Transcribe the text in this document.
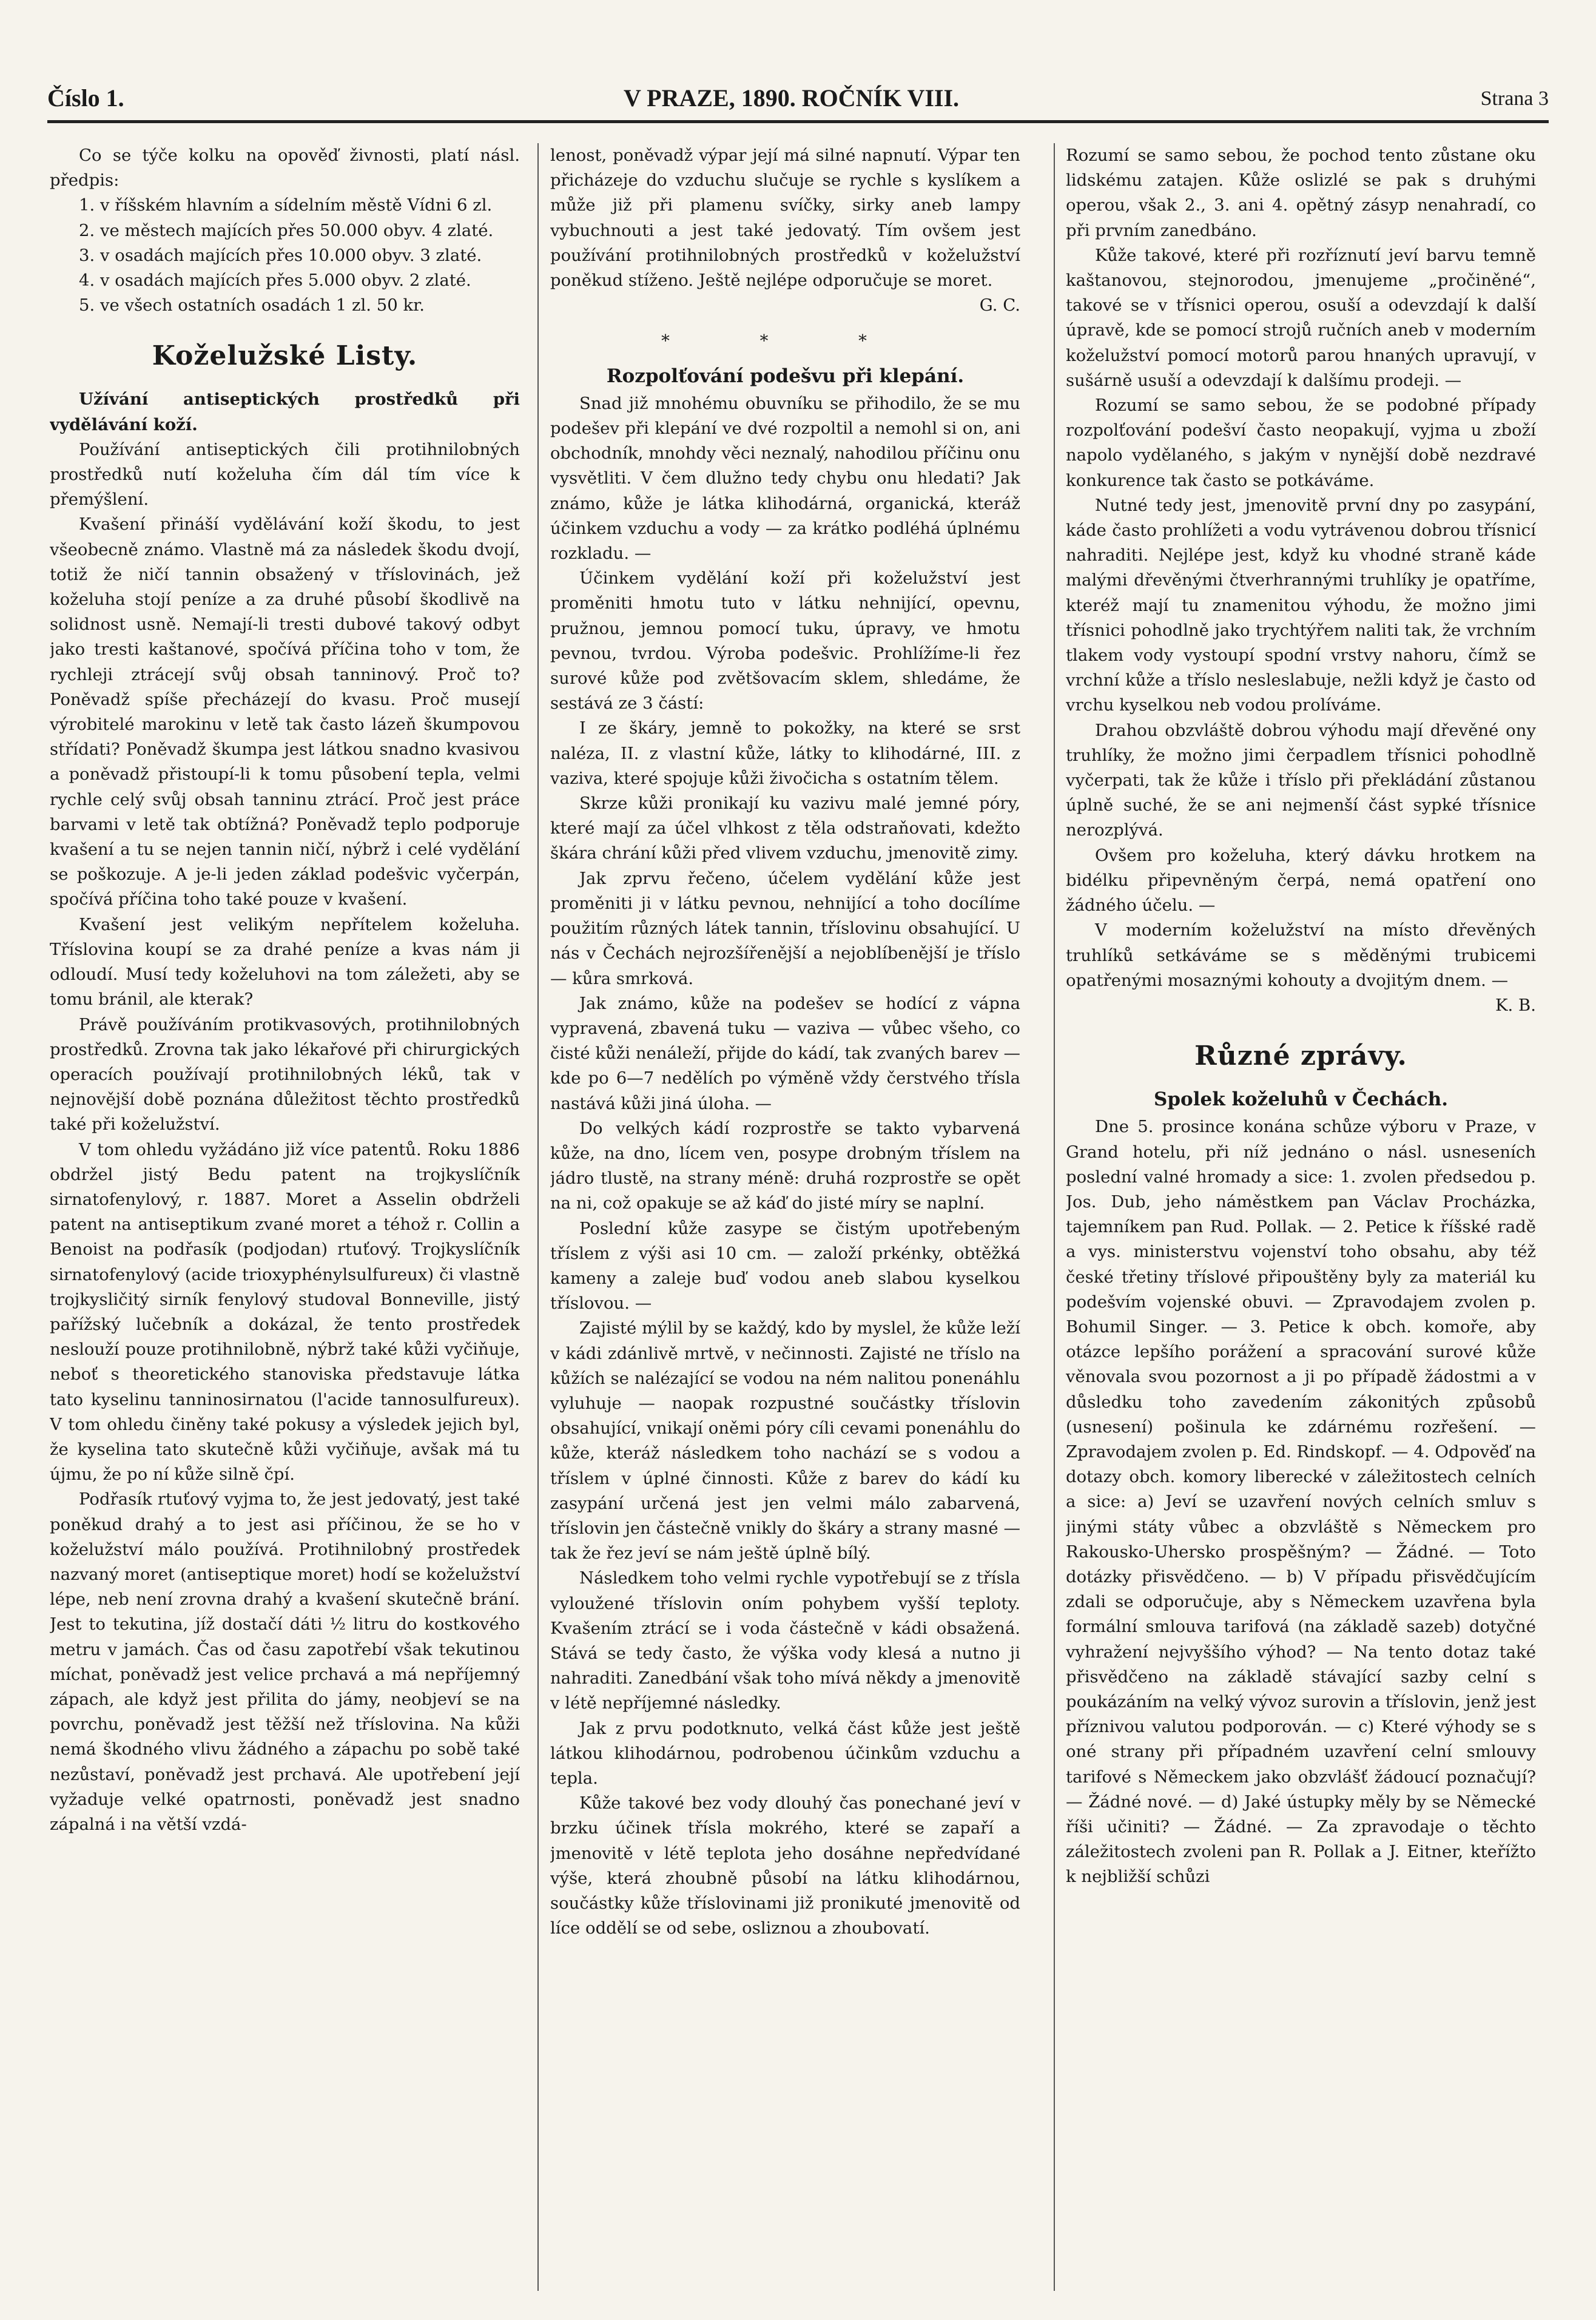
Číslo 1.	V PRAZE, 1890. ROČNÍK VIII.	Strana 3

Co se týče kolku na opověď živnosti, platí násl. předpis:

1. v říšském hlavním a sídelním městě Vídni 6 zl.

2. ve městech majících přes 50.000 obyv. 4 zlaté.

3. v osadách majících přes 10.000 obyv. 3 zlaté.

4. v osadách majících přes 5.000 obyv. 2 zlaté.

5. ve všech ostatních osadách 1 zl. 50 kr.

Koželužské Listy.

Užívání antiseptických prostředků při vydělávání koží.

Používání antiseptických čili protihnilobných prostředků nutí koželuha čím dál tím více k přemýšlení.

Kvašení přináší vydělávání koží škodu, to jest všeobecně známo. Vlastně má za následek škodu dvojí, totiž že ničí tannin obsažený v tříslovinách, jež koželuha stojí peníze a za druhé působí škodlivě na solidnost usně. Nemají-li tresti dubové takový odbyt jako tresti kaštanové, spočívá příčina toho v tom, že rychleji ztrácejí svůj obsah tanninový. Proč to? Poněvadž spíše přecházejí do kvasu. Proč musejí výrobitelé marokinu v letě tak často lázeň škumpovou střídati? Poněvadž škumpa jest látkou snadno kvasivou a poněvadž přistoupí-li k tomu působení tepla, velmi rychle celý svůj obsah tanninu ztrácí. Proč jest práce barvami v letě tak obtížná? Poněvadž teplo podporuje kvašení a tu se nejen tannin ničí, nýbrž i celé vydělání se poškozuje. A je-li jeden základ podešvic vyčerpán, spočívá příčina toho také pouze v kvašení.

Kvašení jest velikým nepřítelem koželuha. Tříslovina koupí se za drahé peníze a kvas nám ji odloudí. Musí tedy koželuhovi na tom záležeti, aby se tomu bránil, ale kterak?

Právě používáním protikvasových, protihnilobných prostředků. Zrovna tak jako lékařové při chirurgických operacích používají protihnilobných léků, tak v nejnovější době poznána důležitost těchto prostředků také při koželužství.

V tom ohledu vyžádáno již více patentů. Roku 1886 obdržel jistý Bedu patent na trojkyslíčník sirnatofenylový, r. 1887. Moret a Asselin obdrželi patent na antiseptikum zvané moret a téhož r. Collin a Benoist na podřasík (podjodan) rtuťový. Trojkyslíčník sirnatofenylový (acide trioxyphénylsulfureux) či vlastně trojkysličitý sirník fenylový studoval Bonneville, jistý pařížský lučebník a dokázal, že tento prostředek neslouží pouze protihnilobně, nýbrž také kůži vyčiňuje, neboť s theoretického stanoviska představuje látka tato kyselinu tanninosirnatou (l'acide tannosulfureux). V tom ohledu činěny také pokusy a výsledek jejich byl, že kyselina tato skutečně kůži vyčiňuje, avšak má tu újmu, že po ní kůže silně čpí.

Podřasík rtuťový vyjma to, že jest jedovatý, jest také poněkud drahý a to jest asi příčinou, že se ho v koželužství málo používá. Protihnilobný prostředek nazvaný moret (antiseptique moret) hodí se koželužství lépe, neb není zrovna drahý a kvašení skutečně brání. Jest to tekutina, jíž dostačí dáti ½ litru do kostkového metru v jamách. Čas od času zapotřebí však tekutinou míchat, poněvadž jest velice prchavá a má nepříjemný zápach, ale když jest přilita do jámy, neobjeví se na povrchu, poněvadž jest těžší než tříslovina. Na kůži nemá škodného vlivu žádného a zápachu po sobě také nezůstaví, poněvadž jest prchavá. Ale upotřebení její vyžaduje velké opatrnosti, poněvadž jest snadno zápalná i na větší vzdá-

lenost, poněvadž výpar její má silné napnutí. Výpar ten přicházeje do vzduchu slučuje se rychle s kyslíkem a může již při plamenu svíčky, sirky aneb lampy vybuchnouti a jest také jedovatý. Tím ovšem jest používání protihnilobných prostředků v koželužství poněkud stíženo. Ještě nejlépe odporučuje se moret.

G. C.

* * *
Rozpolťování podešvu při klepání.

Snad již mnohému obuvníku se přihodilo, že se mu podešev při klepání ve dvé rozpoltil a nemohl si on, ani obchodník, mnohdy věci neznalý, nahodilou příčinu onu vysvětliti. V čem dlužno tedy chybu onu hledati? Jak známo, kůže je látka klihodárná, organická, kteráž účinkem vzduchu a vody — za krátko podléhá úplnému rozkladu. —

Účinkem vydělání koží při koželužství jest proměniti hmotu tuto v látku nehnijící, opevnu, pružnou, jemnou pomocí tuku, úpravy, ve hmotu pevnou, tvrdou. Výroba podešvic. Prohlížíme-li řez surové kůže pod zvětšovacím sklem, shledáme, že sestává ze 3 částí:

I ze škáry, jemně to pokožky, na které se srst naléza, II. z vlastní kůže, látky to klihodárné, III. z vaziva, které spojuje kůži živočicha s ostatním tělem.

Skrze kůži pronikají ku vazivu malé jemné póry, které mají za účel vlhkost z těla odstraňovati, kdežto škára chrání kůži před vlivem vzduchu, jmenovitě zimy.

Jak zprvu řečeno, účelem vydělání kůže jest proměniti ji v látku pevnou, nehnijící a toho docílíme použitím různých látek tannin, tříslovinu obsahující. U nás v Čechách nejrozšířenější a nejoblíbenější je tříslo — kůra smrková.

Jak známo, kůže na podešev se hodící z vápna vypravená, zbavená tuku — vaziva — vůbec všeho, co čisté kůži nenáleží, přijde do kádí, tak zvaných barev — kde po 6—7 nedělích po výměně vždy čerstvého třísla nastává kůži jiná úloha. —

Do velkých kádí rozprostře se takto vybarvená kůže, na dno, lícem ven, posype drobným tříslem na jádro tlustě, na strany méně: druhá rozprostře se opět na ni, což opakuje se až káď do jisté míry se naplní.

Poslední kůže zasype se čistým upotřebeným tříslem z výši asi 10 cm. — založí prkénky, obtěžká kameny a zaleje buď vodou aneb slabou kyselkou tříslovou. —

Zajisté mýlil by se každý, kdo by myslel, že kůže leží v kádi zdánlivě mrtvě, v nečinnosti. Zajisté ne tříslo na kůžích se nalézající se vodou na ném nalitou ponenáhlu vyluhuje — naopak rozpustné součástky tříslovin obsahující, vnikají oněmi póry cíli cevami ponenáhlu do kůže, kteráž následkem toho nachází se s vodou a tříslem v úplné činnosti. Kůže z barev do kádí ku zasypání určená jest jen velmi málo zabarvená, tříslovin jen částečně vnikly do škáry a strany masné — tak že řez jeví se nám ještě úplně bílý.

Následkem toho velmi rychle vypotřebují se z třísla vyloužené tříslovin oním pohybem vyšší teploty. Kvašením ztrácí se i voda částečně v kádi obsažená. Stává se tedy často, že výška vody klesá a nutno ji nahraditi. Zanedbání však toho mívá někdy a jmenovitě v létě nepříjemné následky.

Jak z prvu podotknuto, velká část kůže jest ještě látkou klihodárnou, podrobenou účinkům vzduchu a tepla.

Kůže takové bez vody dlouhý čas ponechané jeví v brzku účinek třísla mokrého, které se zapaří a jmenovitě v létě teplota jeho dosáhne nepředvídané výše, která zhoubně působí na látku klihodárnou, součástky kůže tříslovinami již pronikuté jmenovitě od líce oddělí se od sebe, osliznou a zhoubovatí.

Rozumí se samo sebou, že pochod tento zůstane oku lidskému zatajen. Kůže oslizlé se pak s druhými operou, však 2., 3. ani 4. opětný zásyp nenahradí, co při prvním zanedbáno.

Kůže takové, které při rozříznutí jeví barvu temně kaštanovou, stejnorodou, jmenujeme „pročiněné“, takové se v třísnici operou, osuší a odevzdají k další úpravě, kde se pomocí strojů ručních aneb v moderním koželužství pomocí motorů parou hnaných upravují, v sušárně usuší a odevzdají k dalšímu prodeji. —

Rozumí se samo sebou, že se podobné případy rozpolťování podešví často neopakují, vyjma u zboží napolo vydělaného, s jakým v nynější době nezdravé konkurence tak často se potkáváme.

Nutné tedy jest, jmenovitě první dny po zasypání, káde často prohlížeti a vodu vytrávenou dobrou třísnicí nahraditi. Nejlépe jest, když ku vhodné straně káde malými dřevěnými čtverhrannými truhlíky je opatříme, kteréž mají tu znamenitou výhodu, že možno jimi třísnici pohodlně jako trychtýřem naliti tak, že vrchním tlakem vody vystoupí spodní vrstvy nahoru, čímž se vrchní kůže a tříslo nesleslabuje, nežli když je často od vrchu kyselkou neb vodou prolíváme.

Drahou obzvláště dobrou výhodu mají dřevěné ony truhlíky, že možno jimi čerpadlem třísnici pohodlně vyčerpati, tak že kůže i tříslo při překládání zůstanou úplně suché, že se ani nejmenší část sypké třísnice nerozplývá.

Ovšem pro koželuha, který dávku hrotkem na bidélku připevněným čerpá, nemá opatření ono žádného účelu. —

V moderním koželužství na místo dřevěných truhlíků setkáváme se s měděnými trubicemi opatřenými mosaznými kohouty a dvojitým dnem. —

K. B.

Různé zprávy.
Spolek koželuhů v Čechách.

Dne 5. prosince konána schůze výboru v Praze, v Grand hotelu, při níž jednáno o násl. usneseních poslední valné hromady a sice: 1. zvolen předsedou p. Jos. Dub, jeho náměstkem pan Václav Procházka, tajemníkem pan Rud. Pollak. — 2. Petice k říšské radě a vys. ministerstvu vojenství toho obsahu, aby též české třetiny tříslové připouštěny byly za materiál ku podešvím vojenské obuvi. — Zpravodajem zvolen p. Bohumil Singer. — 3. Petice k obch. komoře, aby otázce lepšího porážení a spracování surové kůže věnovala svou pozornost a ji po případě žádostmi a v důsledku toho zavedením zákonitých způsobů (usnesení) pošinula ke zdárnému rozřešení. — Zpravodajem zvolen p. Ed. Rindskopf. — 4. Odpověď na dotazy obch. komory liberecké v záležitostech celních a sice: a) Jeví se uzavření nových celních smluv s jinými státy vůbec a obzvláště s Německem pro Rakousko-Uhersko prospěšným? — Žádné. — Toto dotázky přisvědčeno. — b) V případu přisvědčujícím zdali se odporučuje, aby s Německem uzavřena byla formální smlouva tarifová (na základě sazeb) dotyčné vyhražení nejvyššího výhod? — Na tento dotaz také přisvědčeno na základě stávající sazby celní s poukázáním na velký vývoz surovin a tříslovin, jenž jest příznivou valutou podporován. — c) Které výhody se s oné strany při případném uzavření celní smlouvy tarifové s Německem jako obzvlášť žádoucí poznačují? — Žádné nové. — d) Jaké ústupky měly by se Německé říši učiniti? — Žádné. — Za zpravodaje o těchto záležitostech zvoleni pan R. Pollak a J. Eitner, kteřížto k nejbližší schůzi
